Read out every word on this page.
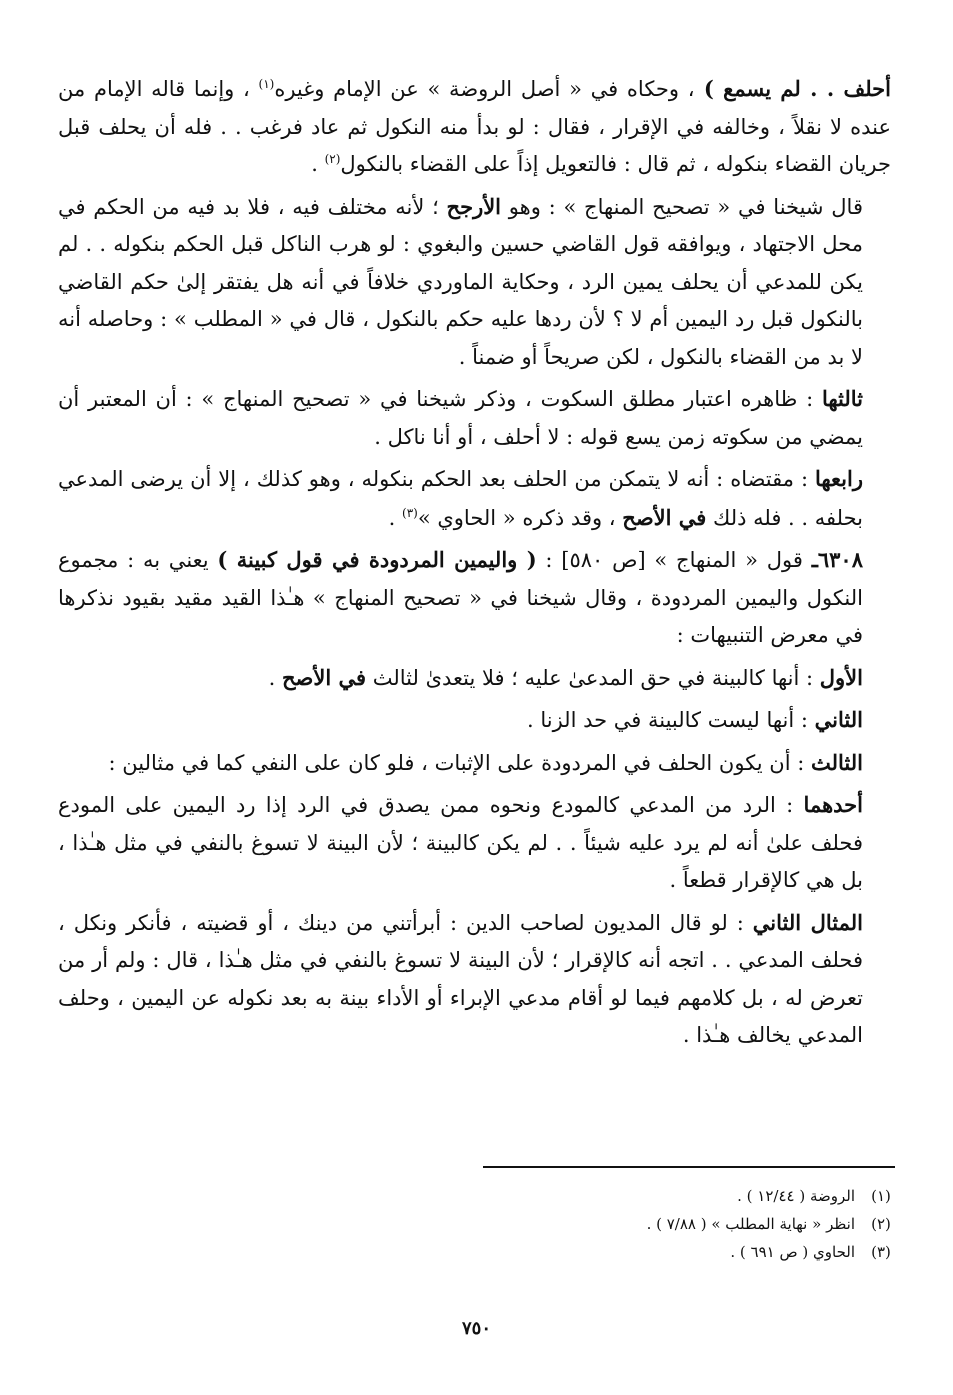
أحلف . . لم يسمع ) ، وحكاه في « أصل الروضة » عن الإمام وغيره$^{(١)}$ ، وإنما قاله الإمام من عنده لا نقلاً ، وخالفه في الإقرار ، فقال : لو بدأ منه النكول ثم عاد فرغب . . فله أن يحلف قبل جريان القضاء بنكوله ، ثم قال : فالتعويل إذاً على القضاء بالنكول$^{(٢)}$ .

قال شيخنا في « تصحيح المنهاج » : وهو الأرجح ؛ لأنه مختلف فيه ، فلا بد فيه من الحكم في محل الاجتهاد ، ويوافقه قول القاضي حسين والبغوي : لو هرب الناكل قبل الحكم بنكوله . . لم يكن للمدعي أن يحلف يمين الرد ، وحكاية الماوردي خلافاً في أنه هل يفتقر إلىٰ حكم القاضي بالنكول قبل رد اليمين أم لا ؟ لأن ردها عليه حكم بالنكول ، قال في « المطلب » : وحاصله أنه لا بد من القضاء بالنكول ، لكن صريحاً أو ضمناً .

ثالثها : ظاهره اعتبار مطلق السكوت ، وذكر شيخنا في « تصحيح المنهاج » : أن المعتبر أن يمضي من سكوته زمن يسع قوله : لا أحلف ، أو أنا ناكل .

رابعها : مقتضاه : أنه لا يتمكن من الحلف بعد الحكم بنكوله ، وهو كذلك ، إلا أن يرضى المدعي بحلفه . . فله ذلك في الأصح ، وقد ذكره « الحاوي »$^{(٣)}$ .

٦٣٠٨ـ قول « المنهاج » [ص ٥٨٠] : ( واليمين المردودة في قول كبينة ) يعني به : مجموع النكول واليمين المردودة ، وقال شيخنا في « تصحيح المنهاج » هـٰذا القيد مقيد بقيود نذكرها في معرض التنبيهات :

الأول : أنها كالبينة في حق المدعىٰ عليه ؛ فلا يتعدىٰ لثالث في الأصح .

الثاني : أنها ليست كالبينة في حد الزنا .

الثالث : أن يكون الحلف في المردودة على الإثبات ، فلو كان على النفي كما في مثالين :

أحدهما : الرد من المدعي كالمودع ونحوه ممن يصدق في الرد إذا رد اليمين على المودع فحلف علىٰ أنه لم يرد عليه شيئاً . . لم يكن كالبينة ؛ لأن البينة لا تسوغ بالنفي في مثل هـٰذا ، بل هي كالإقرار قطعاً .

المثال الثاني : لو قال المديون لصاحب الدين : أبرأتني من دينك ، أو قضيته ، فأنكر ونكل ، فحلف المدعي . . اتجه أنه كالإقرار ؛ لأن البينة لا تسوغ بالنفي في مثل هـٰذا ، قال : ولم أر من تعرض له ، بل كلامهم فيما لو أقام مدعي الإبراء أو الأداء بينة به بعد نكوله عن اليمين ، وحلف المدعي يخالف هـٰذا .

(١)
الروضة ( ١٢/٤٤ ) .
(٢)
انظر « نهاية المطلب » ( ٧/٨٨ ) .
(٣)
الحاوي ( ص ٦٩١ ) .
٧٥٠
